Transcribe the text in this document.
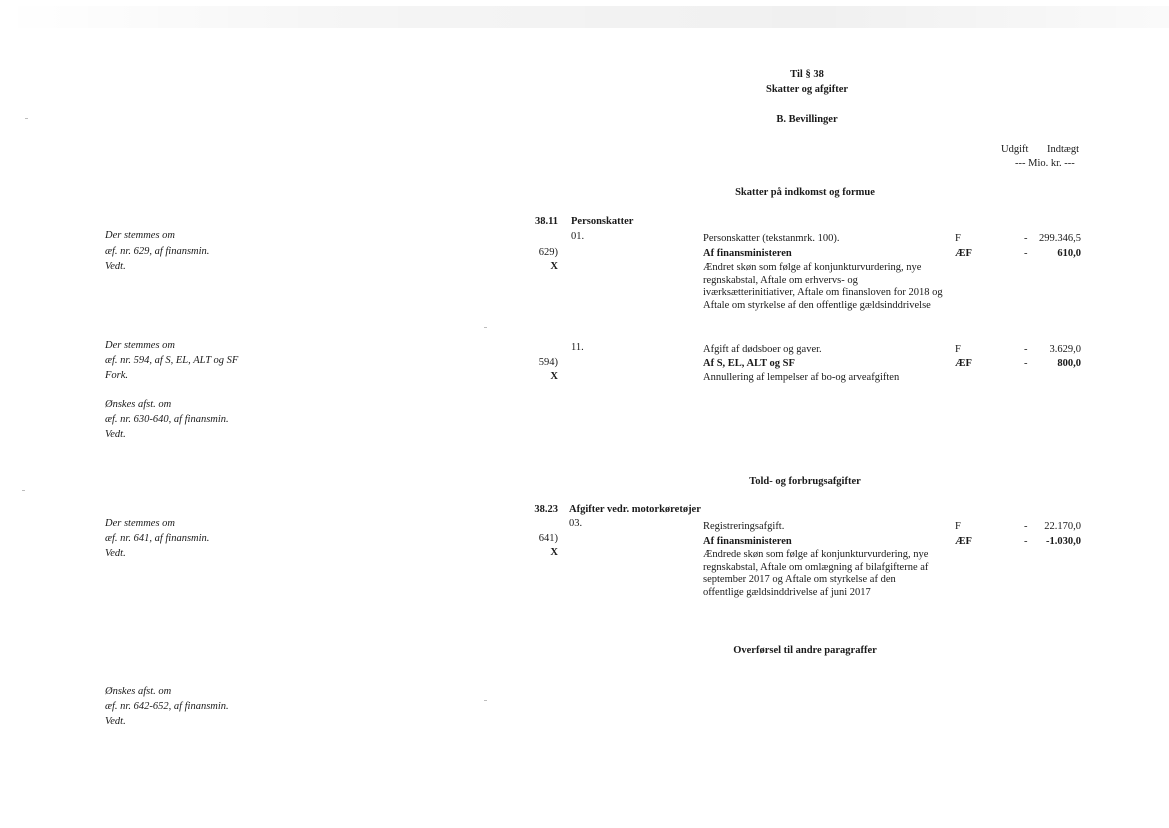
Til § 38
Skatter og afgifter
B. Bevillinger
Udgift Indtægt
--- Mio. kr. ---
Skatter på indkomst og formue
38.11 Personskatter
Der stemmes om
æf. nr. 629, af finansmin.
Vedt.
01.	Personskatter (tekstanmrk. 100).	F	-	299.346,5
629)
X
Af finansministeren	ÆF	-	610,0
Ændret skøn som følge af konjunkturvurdering, nye regnskabstal, Aftale om erhvervs- og iværksætterinitiativer, Aftale om finansloven for 2018 og Aftale om styrkelse af den offentlige gældsinddrivelse
Der stemmes om
æf. nr. 594, af S, EL, ALT og SF
Fork.
11.	Afgift af dødsboer og gaver.	F	-	3.629,0
594)
X
Af S, EL, ALT og SF	ÆF	-	800,0
Annullering af lempelser af bo-og arveafgiften
Ønskes afst. om
æf. nr. 630-640, af finansmin.
Vedt.
Told- og forbrugsafgifter
38.23 Afgifter vedr. motorkøretøjer
Der stemmes om
æf. nr. 641, af finansmin.
Vedt.
03.	Registreringsafgift.	F	-	22.170,0
641)
X
Af finansministeren	ÆF	-	-1.030,0
Ændrede skøn som følge af konjunkturvurdering, nye regnskabstal, Aftale om omlægning af bilafgifterne af september 2017 og Aftale om styrkelse af den offentlige gældsinddrivelse af juni 2017
Overførsel til andre paragraffer
Ønskes afst. om
æf. nr. 642-652, af finansmin.
Vedt.
